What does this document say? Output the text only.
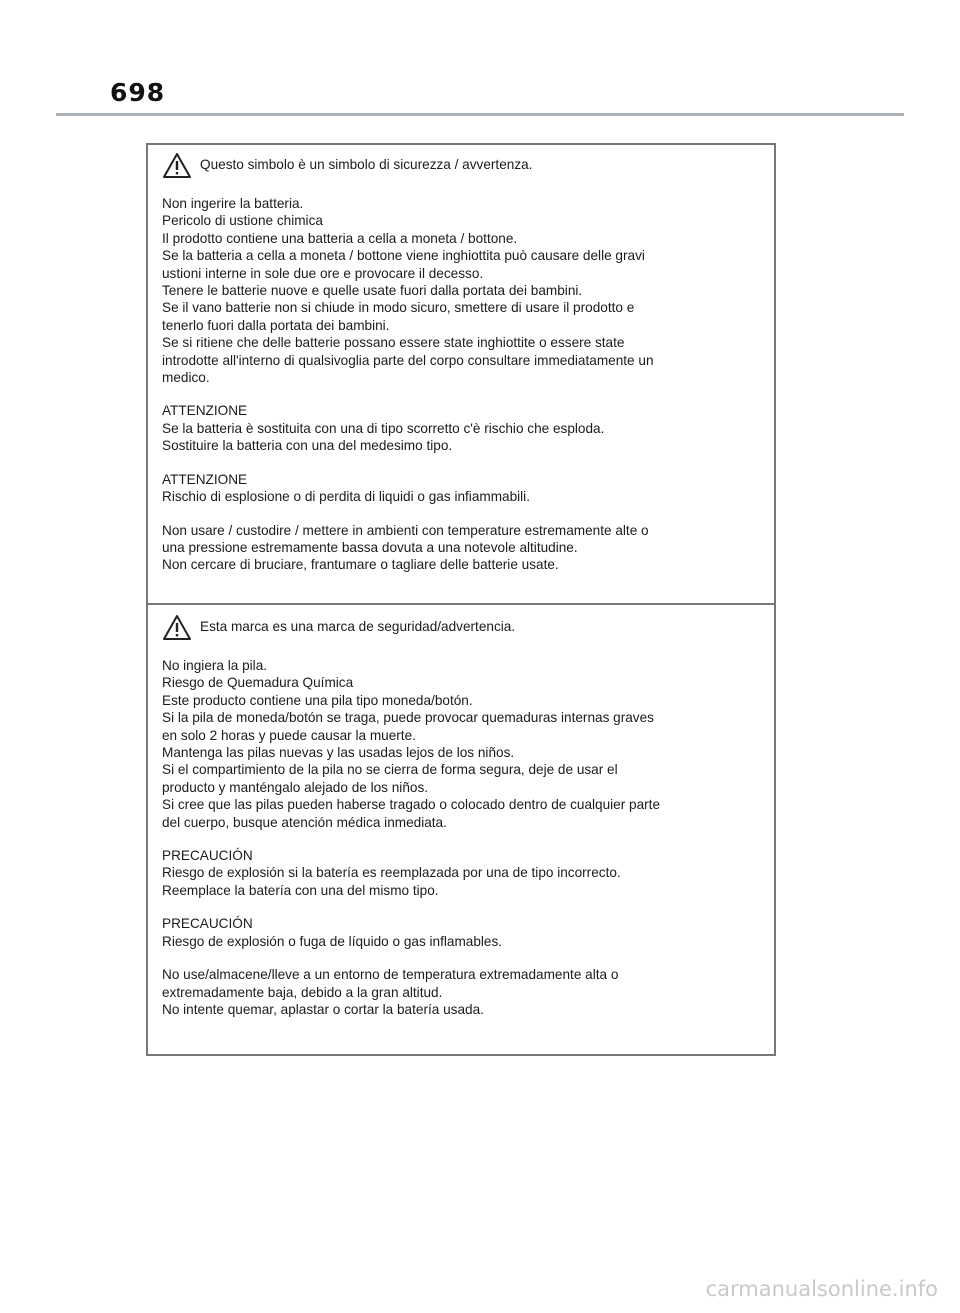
698
Questo simbolo è un simbolo di sicurezza / avvertenza.

Non ingerire la batteria.

Pericolo di ustione chimica

Il prodotto contiene una batteria a cella a moneta / bottone.

Se la batteria a cella a moneta / bottone viene inghiottita può causare delle gravi

ustioni interne in sole due ore e provocare il decesso.

Tenere le batterie nuove e quelle usate fuori dalla portata dei bambini.

Se il vano batterie non si chiude in modo sicuro, smettere di usare il prodotto e

tenerlo fuori dalla portata dei bambini.

Se si ritiene che delle batterie possano essere state inghiottite o essere state

introdotte all'interno di qualsivoglia parte del corpo consultare immediatamente un

medico.

ATTENZIONE

Se la batteria è sostituita con una di tipo scorretto c'è rischio che esploda.

Sostituire la batteria con una del medesimo tipo.

ATTENZIONE

Rischio di esplosione o di perdita di liquidi o gas infiammabili.

Non usare / custodire / mettere in ambienti con temperature estremamente alte o

una pressione estremamente bassa dovuta a una notevole altitudine.

Non cercare di bruciare, frantumare o tagliare delle batterie usate.

Esta marca es una marca de seguridad/advertencia.

No ingiera la pila.

Riesgo de Quemadura Química

Este producto contiene una pila tipo moneda/botón.

Si la pila de moneda/botón se traga, puede provocar quemaduras internas graves

en solo 2 horas y puede causar la muerte.

Mantenga las pilas nuevas y las usadas lejos de los niños.

Si el compartimiento de la pila no se cierra de forma segura, deje de usar el

producto y manténgalo alejado de los niños.

Si cree que las pilas pueden haberse tragado o colocado dentro de cualquier parte

del cuerpo, busque atención médica inmediata.

PRECAUCIÓN

Riesgo de explosión si la batería es reemplazada por una de tipo incorrecto.

Reemplace la batería con una del mismo tipo.

PRECAUCIÓN

Riesgo de explosión o fuga de líquido o gas inflamables.

No use/almacene/lleve a un entorno de temperatura extremadamente alta o

extremadamente baja, debido a la gran altitud.

No intente quemar, aplastar o cortar la batería usada.

carmanualsonline.info
